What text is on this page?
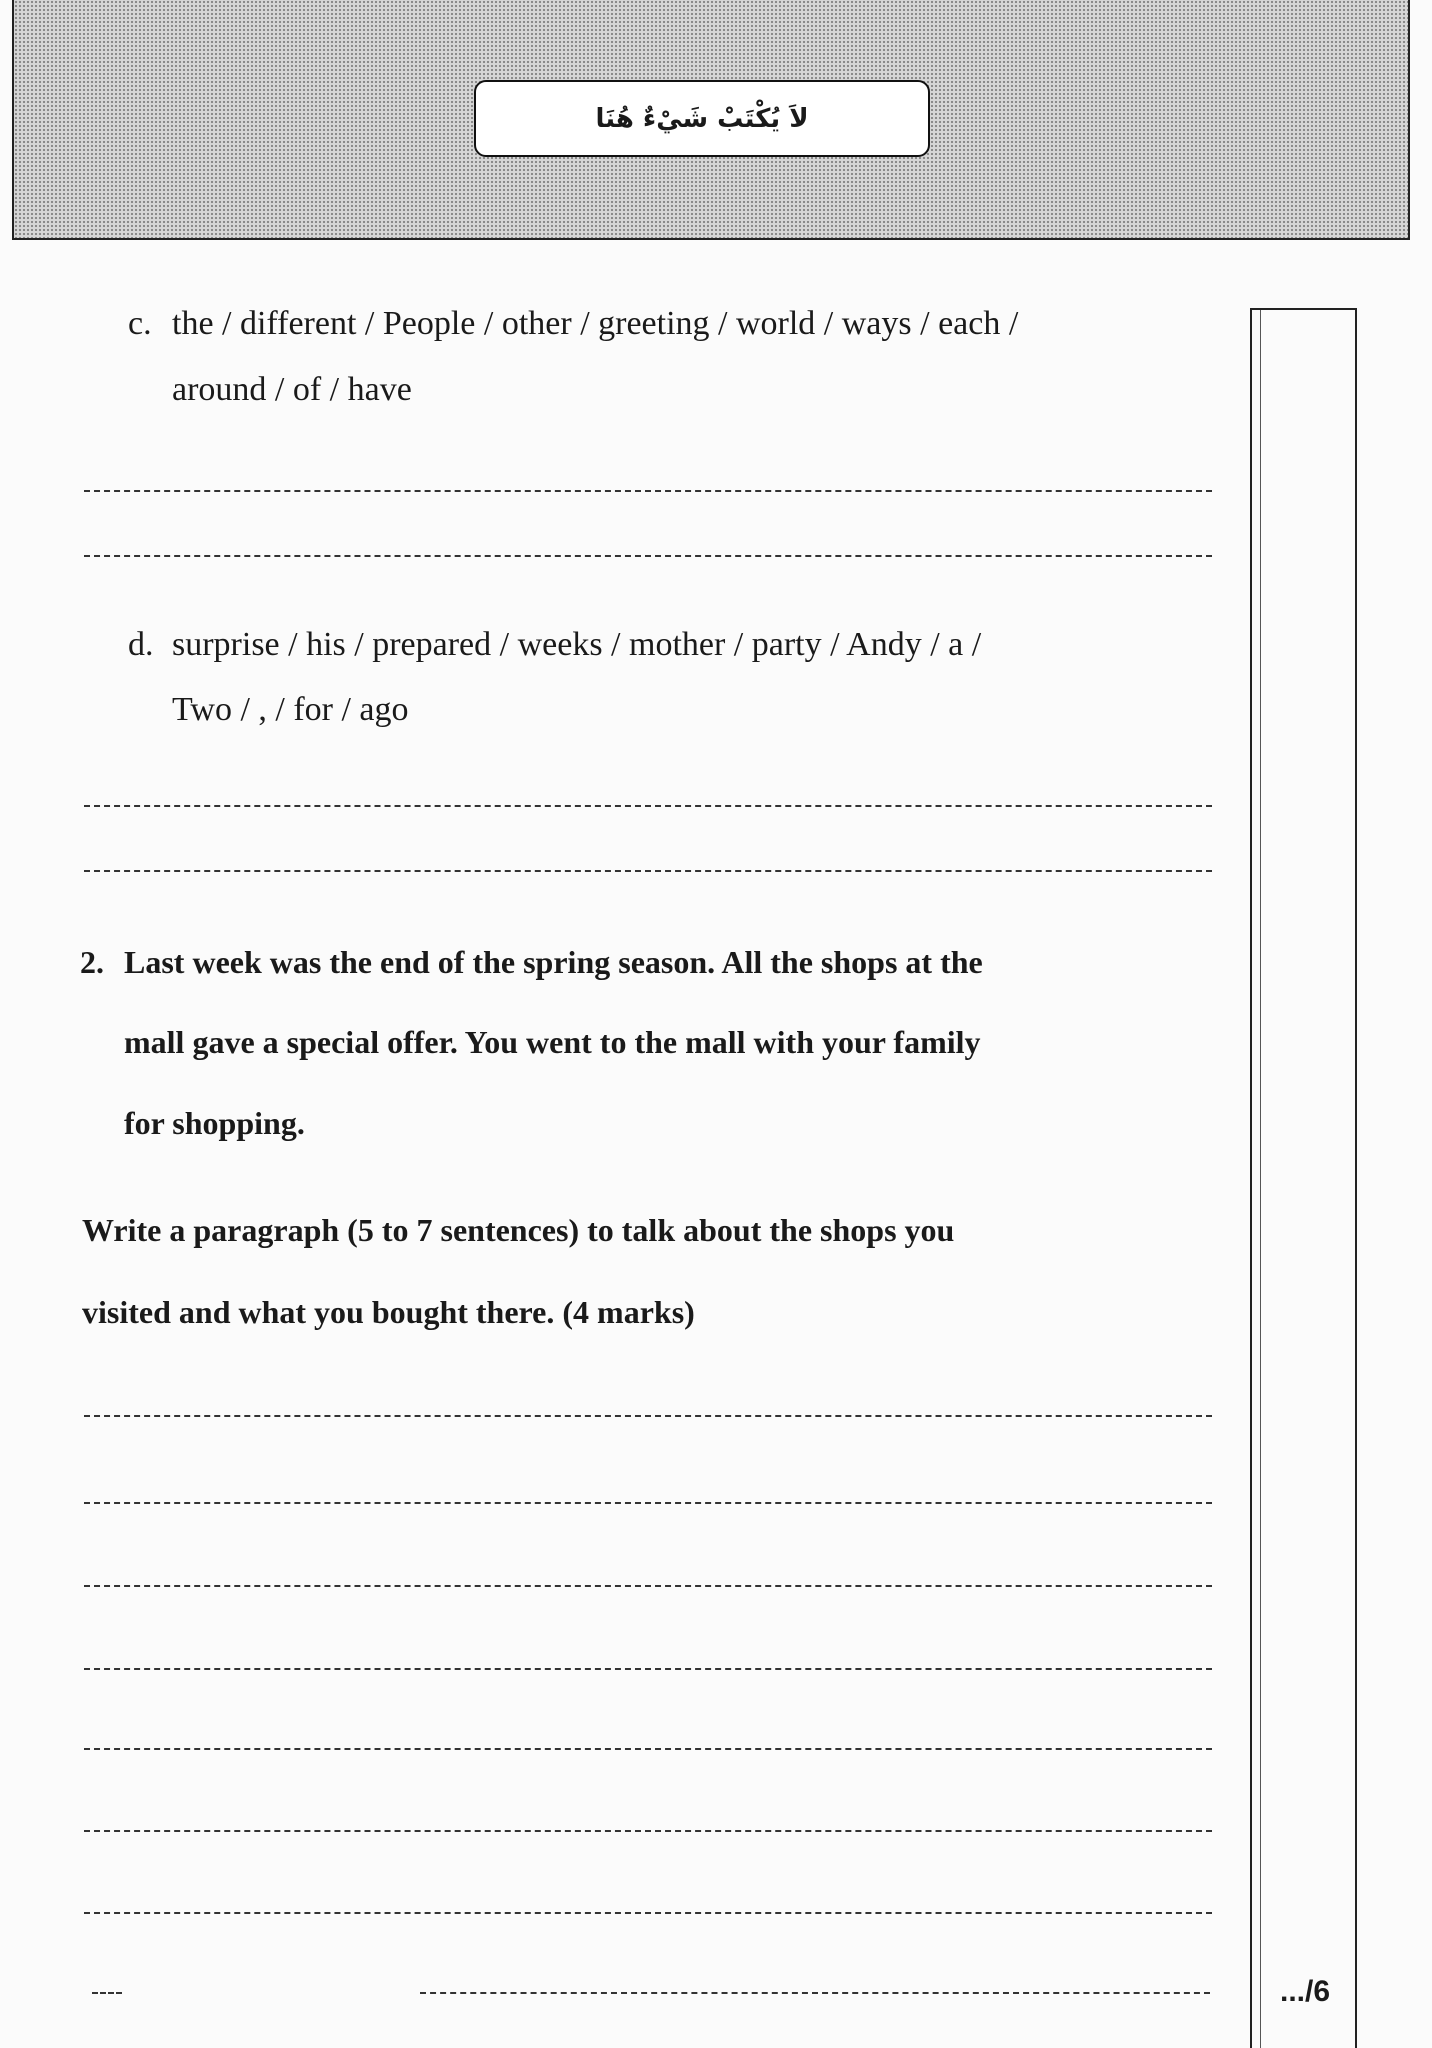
لاَ يُكْتَبْ شَيْءٌ هُنَا
c. the / different / People / other / greeting / world / ways / each /
around / of / have
d. surprise / his / prepared / weeks / mother / party / Andy / a /
Two / , / for / ago
2. Last week was the end of the spring season. All the shops at the
mall gave a special offer. You went to the mall with your family
for shopping.
Write a paragraph (5 to 7 sentences) to talk about the shops you
visited and what you bought there. (4 marks)
.../6
